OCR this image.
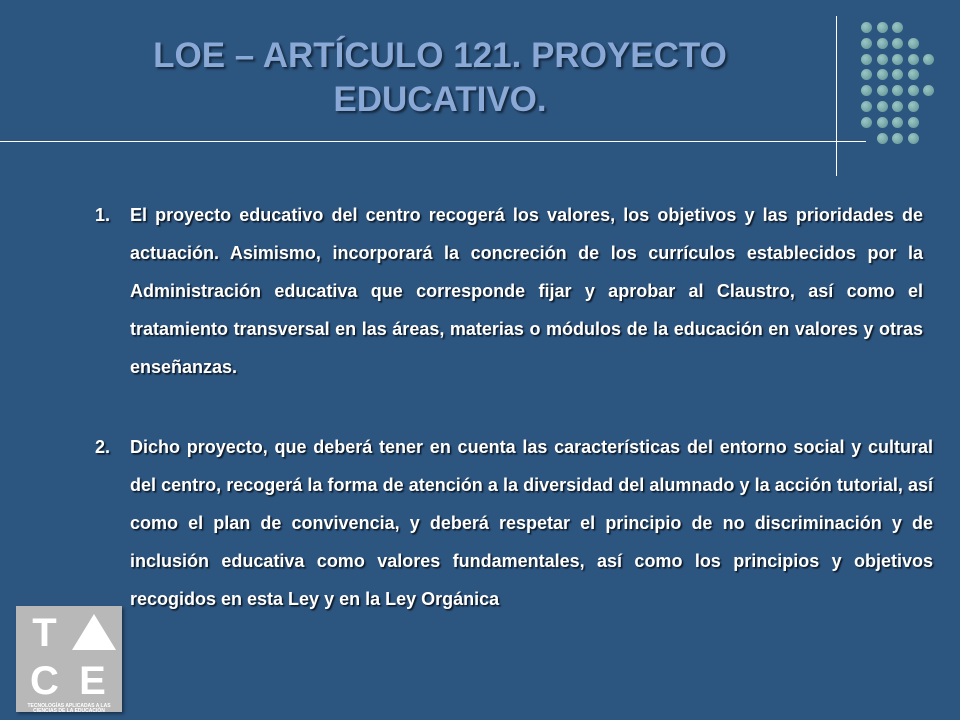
LOE – ARTÍCULO 121. PROYECTO EDUCATIVO.
1. El proyecto educativo del centro recogerá los valores, los objetivos y las prioridades de actuación. Asimismo, incorporará la concreción de los currículos establecidos por la Administración educativa que corresponde fijar y aprobar al Claustro, así como el tratamiento transversal en las áreas, materias o módulos de la educación en valores y otras enseñanzas.
2. Dicho proyecto, que deberá tener en cuenta las características del entorno social y cultural del centro, recogerá la forma de atención a la diversidad del alumnado y la acción tutorial, así como el plan de convivencia, y deberá respetar el principio de no discriminación y de inclusión educativa como valores fundamentales, así como los principios y objetivos recogidos en esta Ley y en la Ley Orgánica
T
C E
TECNOLOGÍAS APLICADAS A LAS CIENCIAS DE LA EDUCACIÓN
